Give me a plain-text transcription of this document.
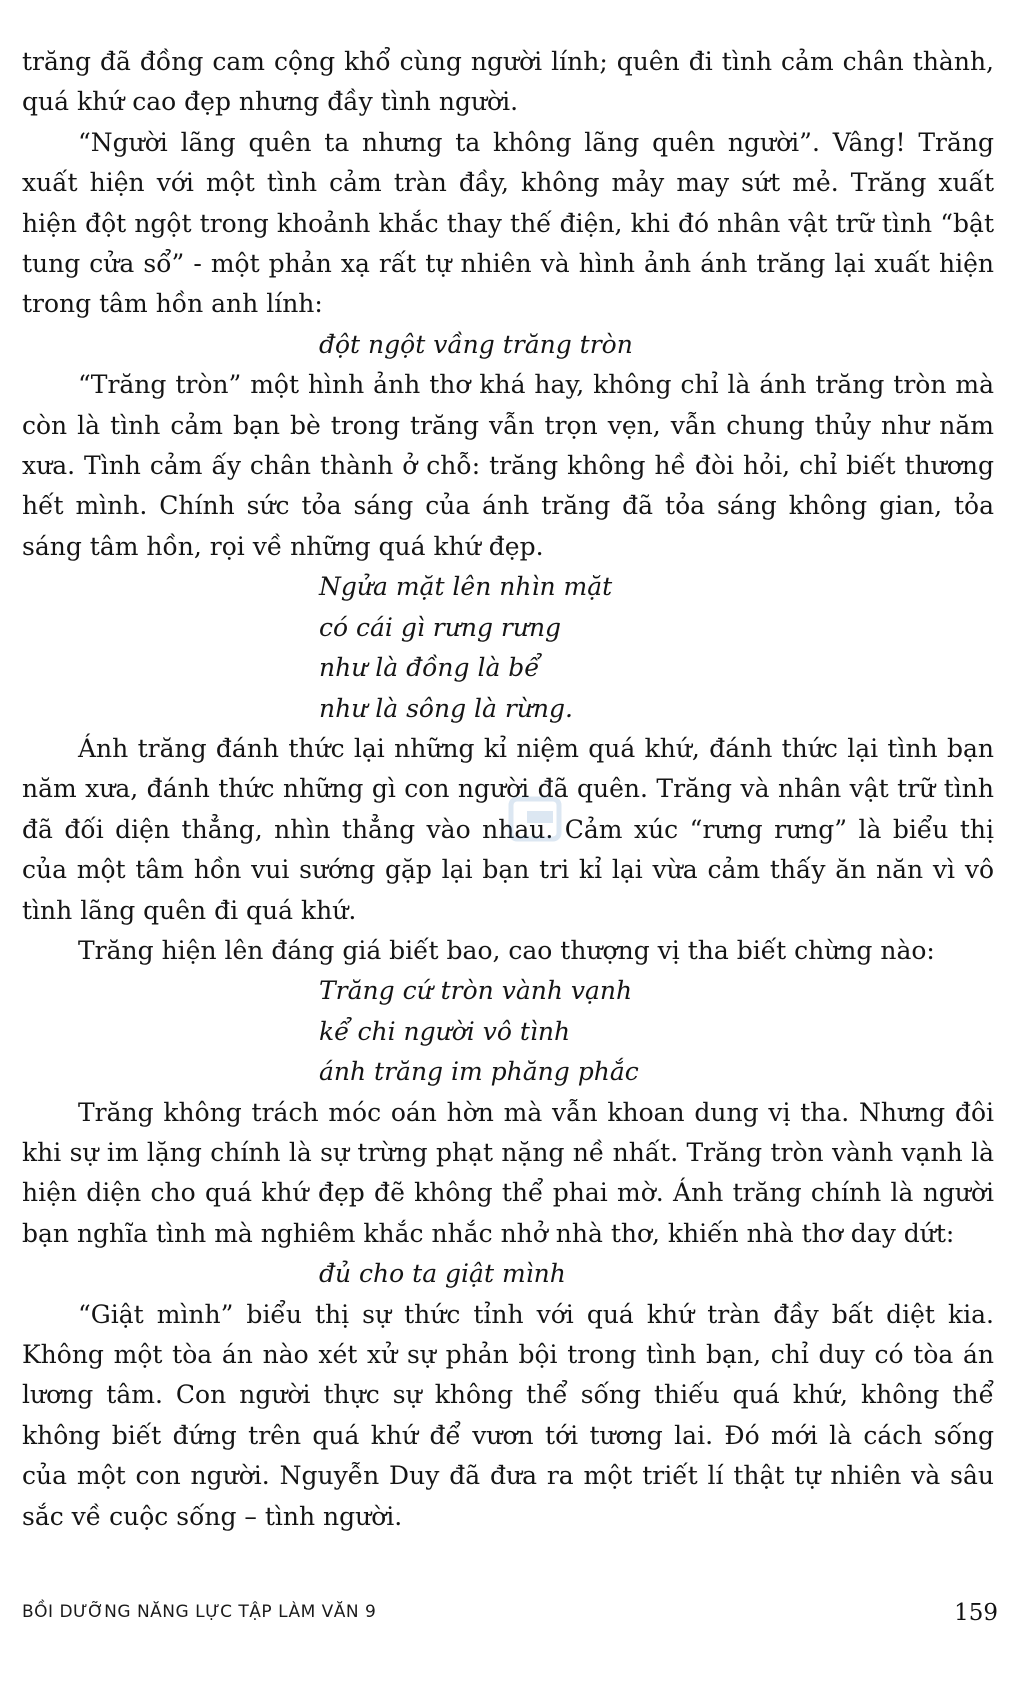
trăng đã đồng cam cộng khổ cùng người lính; quên đi tình cảm chân thành, quá khứ cao đẹp nhưng đầy tình người.

“Người lãng quên ta nhưng ta không lãng quên người”. Vâng! Trăng xuất hiện với một tình cảm tràn đầy, không mảy may sứt mẻ. Trăng xuất hiện đột ngột trong khoảnh khắc thay thế điện, khi đó nhân vật trữ tình “bật tung cửa sổ” - một phản xạ rất tự nhiên và hình ảnh ánh trăng lại xuất hiện trong tâm hồn anh lính:

đột ngột vầng trăng tròn

“Trăng tròn” một hình ảnh thơ khá hay, không chỉ là ánh trăng tròn mà còn là tình cảm bạn bè trong trăng vẫn trọn vẹn, vẫn chung thủy như năm xưa. Tình cảm ấy chân thành ở chỗ: trăng không hề đòi hỏi, chỉ biết thương hết mình. Chính sức tỏa sáng của ánh trăng đã tỏa sáng không gian, tỏa sáng tâm hồn, rọi về những quá khứ đẹp.

Ngửa mặt lên nhìn mặt

có cái gì rưng rưng

như là đồng là bể

như là sông là rừng.

Ánh trăng đánh thức lại những kỉ niệm quá khứ, đánh thức lại tình bạn năm xưa, đánh thức những gì con người đã quên. Trăng và nhân vật trữ tình đã đối diện thẳng, nhìn thẳng vào nhau. Cảm xúc “rưng rưng” là biểu thị của một tâm hồn vui sướng gặp lại bạn tri kỉ lại vừa cảm thấy ăn năn vì vô tình lãng quên đi quá khứ.

Trăng hiện lên đáng giá biết bao, cao thượng vị tha biết chừng nào:

Trăng cứ tròn vành vạnh

kể chi người vô tình

ánh trăng im phăng phắc

Trăng không trách móc oán hờn mà vẫn khoan dung vị tha. Nhưng đôi khi sự im lặng chính là sự trừng phạt nặng nề nhất. Trăng tròn vành vạnh là hiện diện cho quá khứ đẹp đẽ không thể phai mờ. Ánh trăng chính là người bạn nghĩa tình mà nghiêm khắc nhắc nhở nhà thơ, khiến nhà thơ day dứt:

đủ cho ta giật mình

“Giật mình” biểu thị sự thức tỉnh với quá khứ tràn đầy bất diệt kia. Không một tòa án nào xét xử sự phản bội trong tình bạn, chỉ duy có tòa án lương tâm. Con người thực sự không thể sống thiếu quá khứ, không thể không biết đứng trên quá khứ để vươn tới tương lai. Đó mới là cách sống của một con người. Nguyễn Duy đã đưa ra một triết lí thật tự nhiên và sâu sắc về cuộc sống – tình người.

BỒI DƯỠNG NĂNG LỰC TẬP LÀM VĂN 9	159
